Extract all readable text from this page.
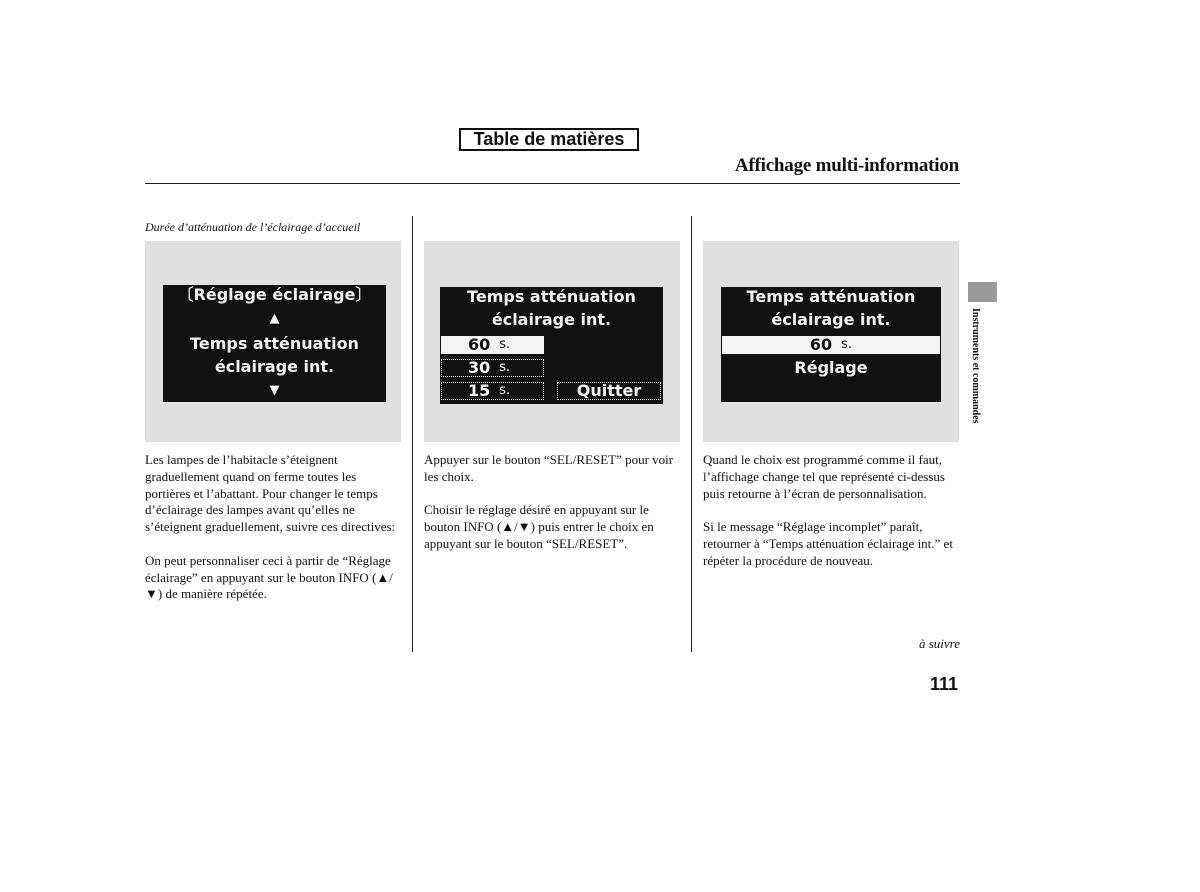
Table de matières
Affichage multi-information
Durée d’atténuation de l’éclairage d’accueil
〔Réglage éclairage〕
▲
Temps atténuation
éclairage int.
▼
Temps atténuation
éclairage int.
60 s.
30 s.
15 s.	Quitter
Temps atténuation
éclairage int.
60 s.
Réglage

Les lampes de l’habitacle s’éteignent graduellement quand on ferme toutes les portières et l’abattant. Pour changer le temps d’éclairage des lampes avant qu’elles ne s’éteignent graduellement, suivre ces directives:

On peut personnaliser ceci à partir de “Réglage éclairage” en appuyant sur le bouton INFO (▲/▼) de manière répétée.

Appuyer sur le bouton “SEL/RESET” pour voir les choix.

Choisir le réglage désiré en appuyant sur le bouton INFO (▲/▼) puis entrer le choix en appuyant sur le bouton “SEL/RESET”.

Quand le choix est programmé comme il faut, l’affichage change tel que représenté ci-dessus puis retourne à l’écran de personnalisation.

Si le message “Réglage incomplet” paraît, retourner à “Temps atténuation éclairage int.” et répéter la procédure de nouveau.

à suivre
111
Instruments et commandes
